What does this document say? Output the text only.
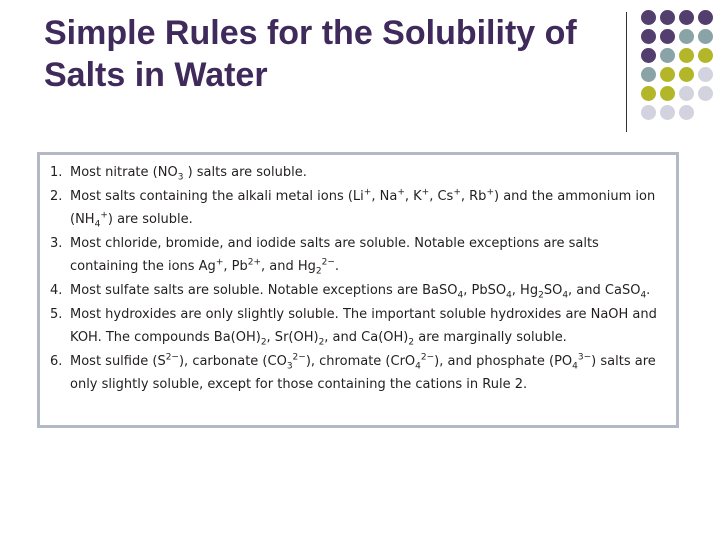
Simple Rules for the Solubility of Salts in Water
1. Most nitrate ($NO_3$ ) salts are soluble.
2. Most salts containing the alkali metal ions (Li+, Na+, K+, Cs+, Rb+) and the ammonium ion $(NH_4^+)$ are soluble.
3. Most chloride, bromide, and iodide salts are soluble. Notable exceptions are salts containing the ions Ag+, $Pb^{2+}$, and $Hg_2^{2-}$.
4. Most sulfate salts are soluble. Notable exceptions are BaSO$_4$, PbSO$_4$, $Hg_2SO_4$, and CaSO$_4$.
5. Most hydroxides are only slightly soluble. The important soluble hydroxides are NaOH and KOH. The compounds $Ba(OH)_2$, $Sr(OH)_2$, and $Ca(OH)_2$ are marginally soluble.
6. Most sulfide $(S^{2-})$, carbonate $(CO_3^{2-})$, chromate (CrO$_4^{2-}$), and phosphate $(PO_4^{3-})$ salts are only slightly soluble, except for those containing the cations in Rule 2.
